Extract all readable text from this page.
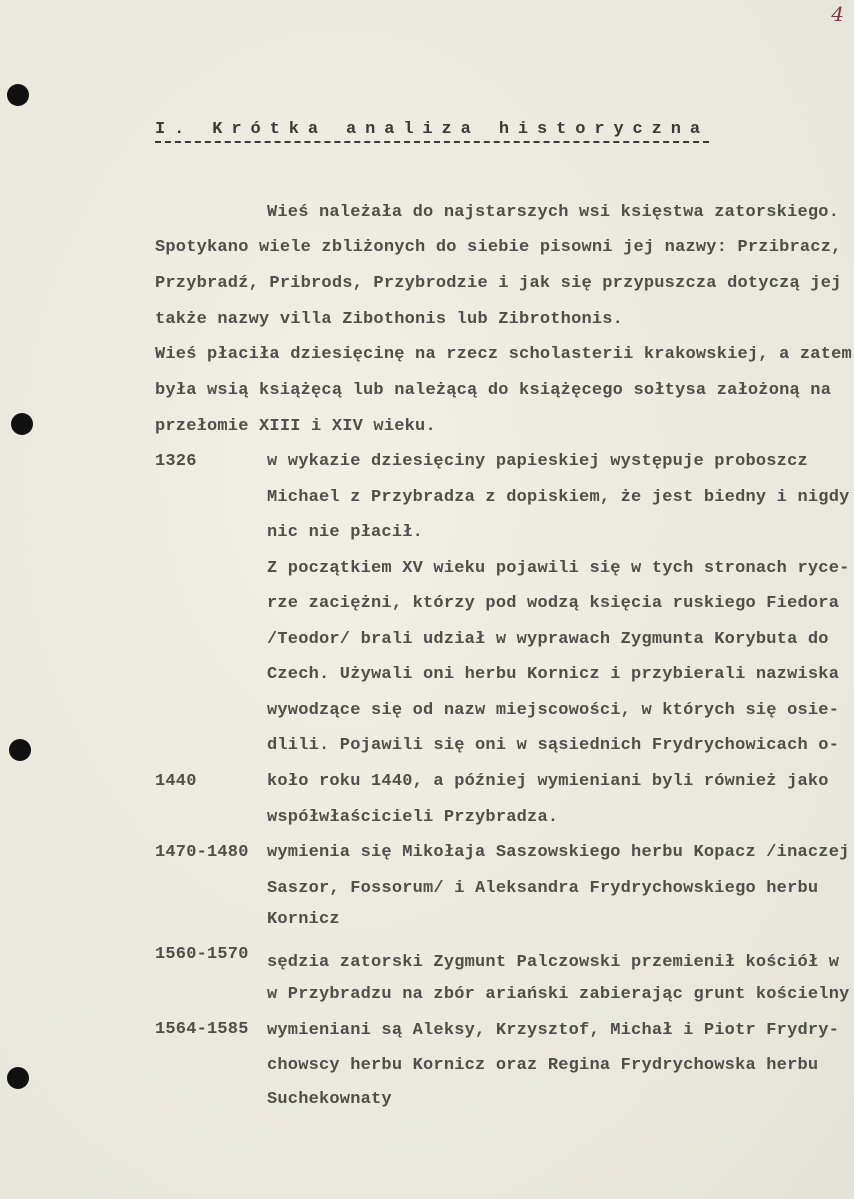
4
I. Krótka analiza historyczna
Wieś należała do najstarszych wsi księstwa zatorskiego.
Spotykano wiele zbliżonych do siebie pisowni jej nazwy: Przibracz,
Przybradź, Pribrods, Przybrodzie i jak się przypuszcza dotyczą jej
także nazwy villa Zibothonis lub Zibrothonis.
Wieś płaciła dziesięcinę na rzecz scholasterii krakowskiej, a zatem
była wsią książęcą lub należącą do książęcego sołtysa założoną na
przełomie XIII i XIV wieku.
1326	w wykazie dziesięciny papieskiej występuje proboszcz
Michael z Przybradza z dopiskiem, że jest biedny i nigdy
nic nie płacił.
Z początkiem XV wieku pojawili się w tych stronach ryce-
rze zaciężni, którzy pod wodzą księcia ruskiego Fiedora
/Teodor/ brali udział w wyprawach Zygmunta Korybuta do
Czech. Używali oni herbu Kornicz i przybierali nazwiska
wywodzące się od nazw miejscowości, w których się osie-
dlili. Pojawili się oni w sąsiednich Frydrychowicach o-
1440	koło roku 1440, a później wymieniani byli również jako
współwłaścicieli Przybradza.
1470-1480 wymienia się Mikołaja Saszowskiego herbu Kopacz /inaczej
Saszor, Fossorum/ i Aleksandra Frydrychowskiego herbu
Kornicz
1560-1570 sędzia zatorski Zygmunt Palczowski przemienił kościół w
w Przybradzu na zbór ariański zabierając grunt kościelny
1564-1585 wymieniani są Aleksy, Krzysztof, Michał i Piotr Frydry-
chowscy herbu Kornicz oraz Regina Frydrychowska herbu
Suchekownaty
